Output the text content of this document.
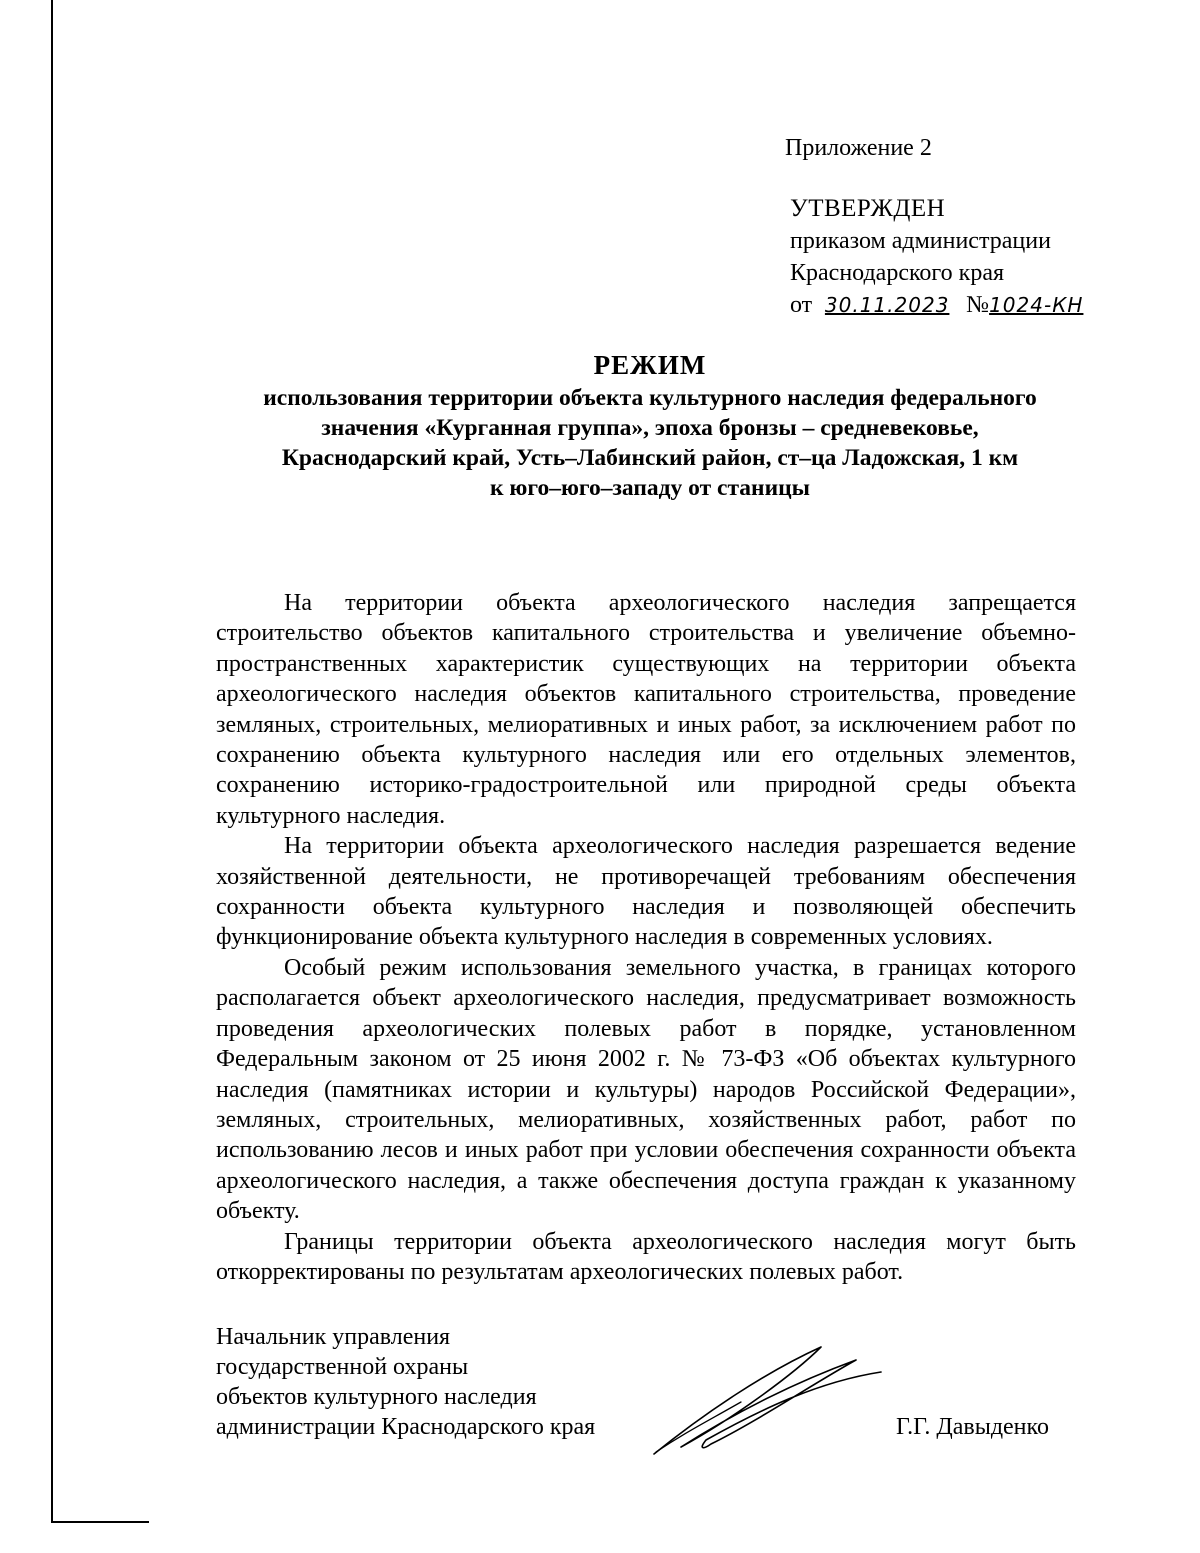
Приложение 2
УТВЕРЖДЕН
приказом администрации
Краснодарского края
от 30.11.2023 №1024-КН
РЕЖИМ
использования территории объекта культурного наследия федерального
значения «Курганная группа», эпоха бронзы – средневековье,
Краснодарский край, Усть–Лабинский район, ст–ца Ладожская, 1 км
к юго–юго–западу от станицы

На территории объекта археологического наследия запрещается строительство объектов капитального строительства и увеличение объемно-пространственных характеристик существующих на территории объекта археологического наследия объектов капитального строительства, проведение земляных, строительных, мелиоративных и иных работ, за исключением работ по сохранению объекта культурного наследия или его отдельных элементов, сохранению историко-градостроительной или природной среды объекта культурного наследия.

На территории объекта археологического наследия разрешается ведение хозяйственной деятельности, не противоречащей требованиям обеспечения сохранности объекта культурного наследия и позволяющей обеспечить функционирование объекта культурного наследия в современных условиях.

Особый режим использования земельного участка, в границах которого располагается объект археологического наследия, предусматривает возможность проведения археологических полевых работ в порядке, установленном Федеральным законом от 25 июня 2002 г. № 73-ФЗ «Об объектах культурного наследия (памятниках истории и культуры) народов Российской Федерации», земляных, строительных, мелиоративных, хозяйственных работ, работ по использованию лесов и иных работ при условии обеспечения сохранности объекта археологического наследия, а также обеспечения доступа граждан к указанному объекту.

Границы территории объекта археологического наследия могут быть откорректированы по результатам археологических полевых работ.

Начальник управления
государственной охраны
объектов культурного наследия
администрации Краснодарского края	Г.Г. Давыденко
